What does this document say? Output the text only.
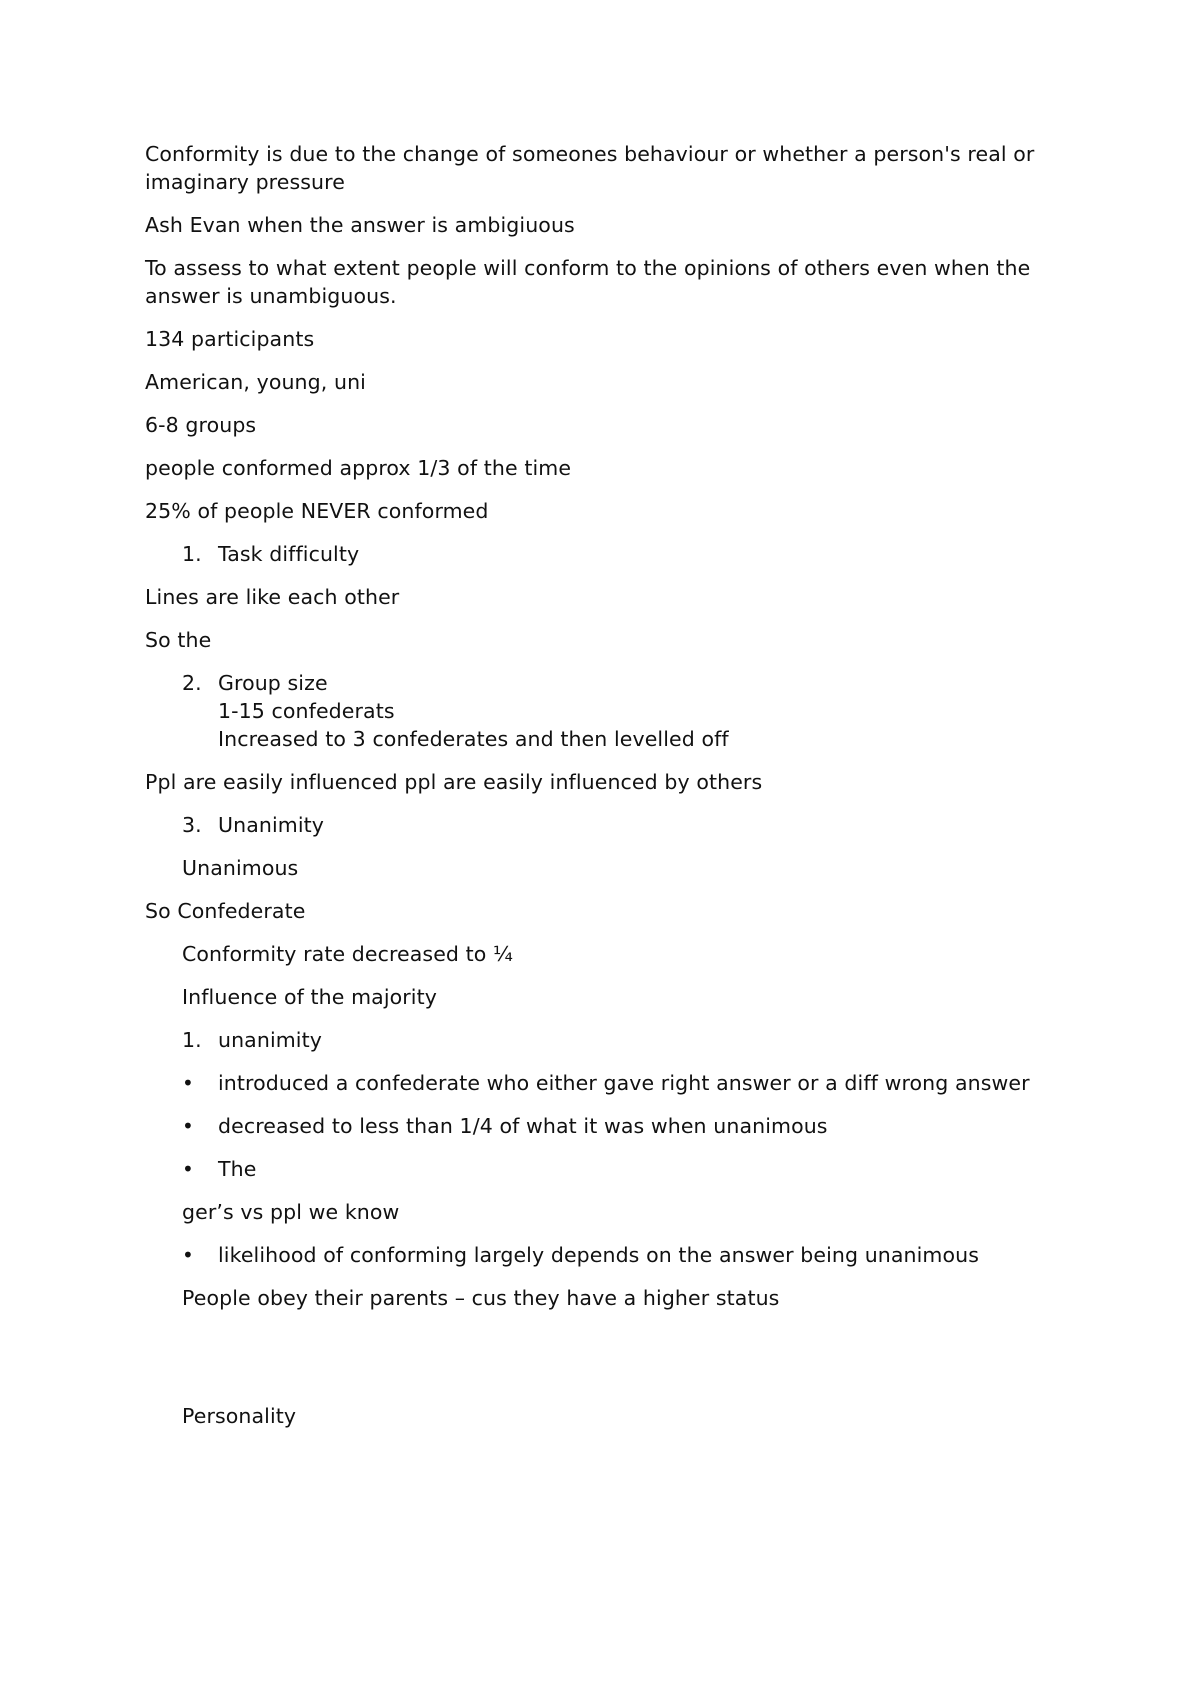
Conformity is due to the change of someones behaviour or whether a person's real or imaginary pressure

Ash Evan when the answer is ambigiuous

To assess to what extent people will conform to the opinions of others even when the answer is unambiguous.

134 participants

American, young, uni

6-8 groups

people conformed approx 1/3 of the time

25% of people NEVER conformed

1. Task difficulty

Lines are like each other

So the

2. Group size
1-15 confederats
Increased to 3 confederates and then levelled off

Ppl are easily influenced ppl are easily influenced by others

3. Unanimity

Unanimous

So Confederate

Conformity rate decreased to ¼

Influence of the majority

1. unanimity
•	introduced a confederate who either gave right answer or a diff wrong answer
•	decreased to less than 1/4 of what it was when unanimous
•	The

ger’s vs ppl we know

•	likelihood of conforming largely depends on the answer being unanimous

People obey their parents – cus they have a higher status

Personality
